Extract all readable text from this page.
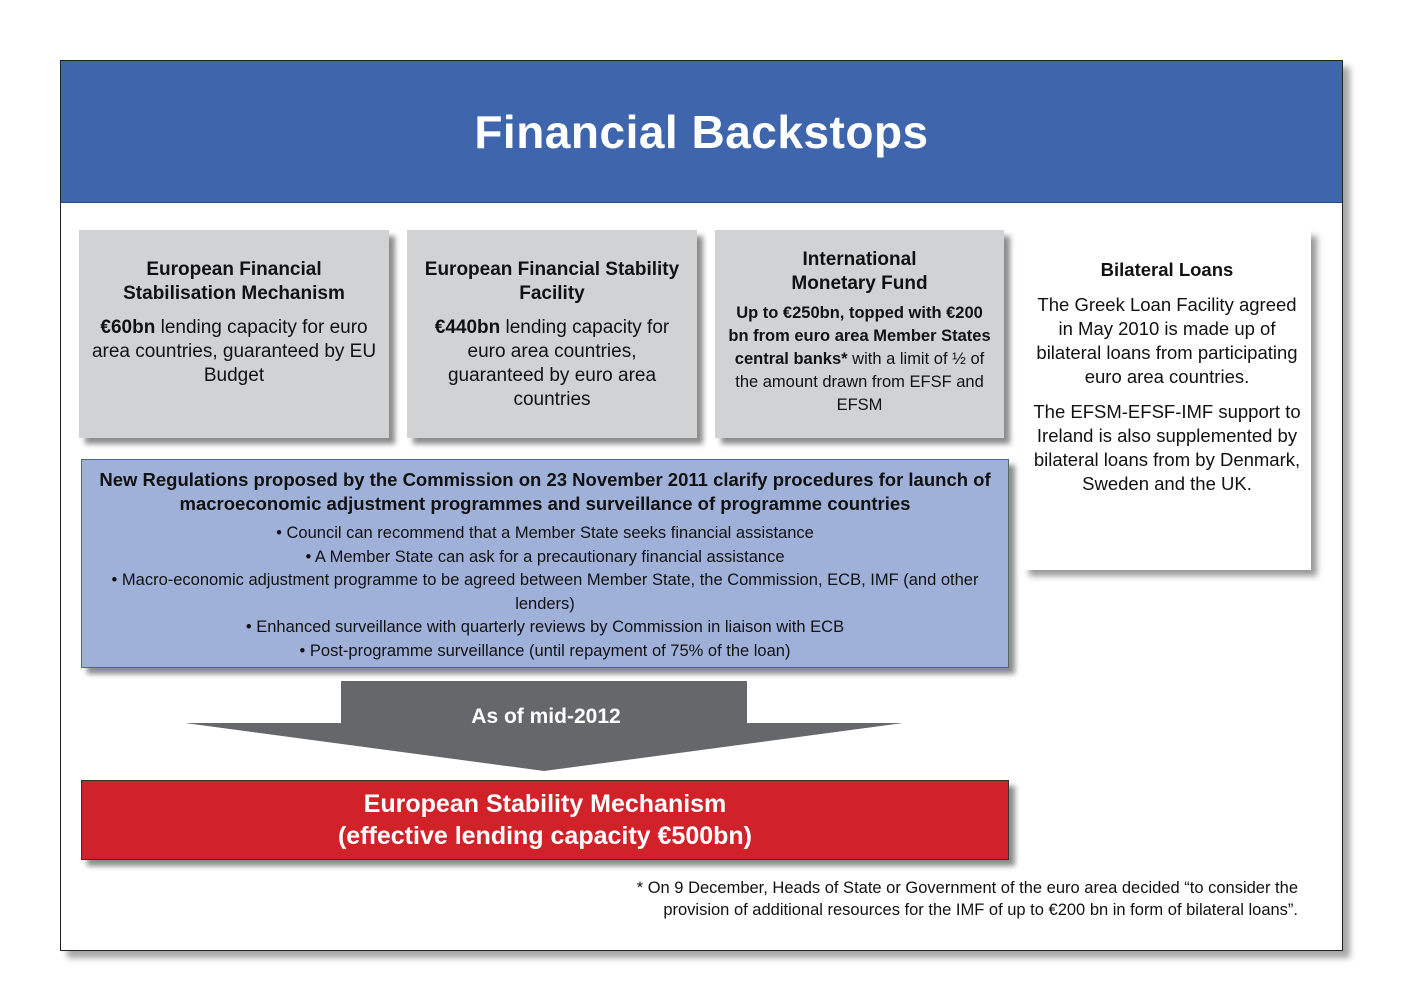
Financial Backstops
European Financial Stabilisation Mechanism
€60bn lending capacity for euro area countries, guaranteed by EU Budget
European Financial Stability Facility
€440bn lending capacity for euro area countries, guaranteed by euro area countries
International
Monetary Fund
Up to €250bn, topped with €200 bn from euro area Member States central banks* with a limit of ½ of the amount drawn from EFSF and EFSM
Bilateral Loans
The Greek Loan Facility agreed in May 2010 is made up of bilateral loans from participating euro area countries.
The EFSM-EFSF-IMF support to Ireland is also supplemented by bilateral loans from by Denmark, Sweden and the UK.
New Regulations proposed by the Commission on 23 November 2011 clarify procedures for launch of macroeconomic adjustment programmes and surveillance of programme countries
• Council can recommend that a Member State seeks financial assistance
• A Member State can ask for a precautionary financial assistance
• Macro-economic adjustment programme to be agreed between Member State, the Commission, ECB, IMF (and other lenders)
• Enhanced surveillance with quarterly reviews by Commission in liaison with ECB
• Post-programme surveillance (until repayment of 75% of the loan)
As of mid-2012
European Stability Mechanism
(effective lending capacity €500bn)
* On 9 December, Heads of State or Government of the euro area decided “to consider the
provision of additional resources for the IMF of up to €200 bn in form of bilateral loans”.
